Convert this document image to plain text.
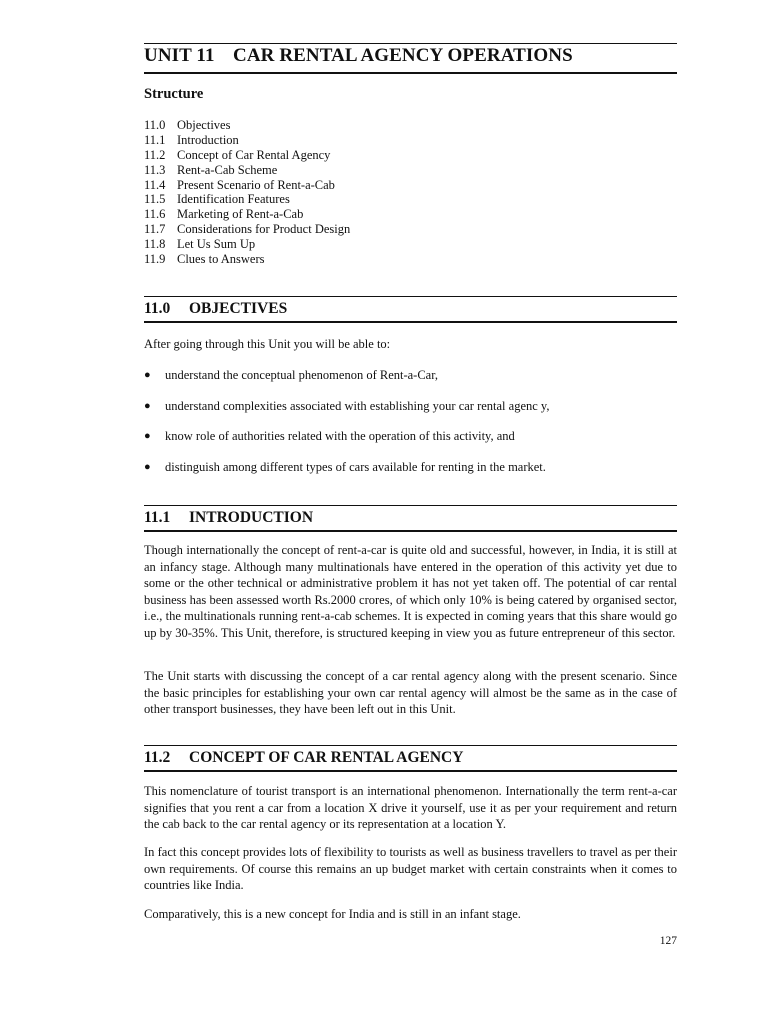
UNIT 11 CAR RENTAL AGENCY OPERATIONS
Structure
11.0 Objectives
11.1 Introduction
11.2 Concept of Car Rental Agency
11.3 Rent-a-Cab Scheme
11.4 Present Scenario of Rent-a-Cab
11.5 Identification Features
11.6 Marketing of Rent-a-Cab
11.7 Considerations for Product Design
11.8 Let Us Sum Up
11.9 Clues to Answers
11.0 OBJECTIVES

After going through this Unit you will be able to:

● understand the conceptual phenomenon of Rent-a-Car,
● understand complexities associated with establishing your car rental agenc y,
● know role of authorities related with the operation of this activity, and
● distinguish among different types of cars available for renting in the market.
11.1 INTRODUCTION

Though internationally the concept of rent-a-car is quite old and successful, however, in India, it is still at an infancy stage. Although many multinationals have entered in the operation of this activity yet due to some or the other technical or administrative problem it has not yet taken off. The potential of car rental business has been assessed worth Rs.2000 crores, of which only 10% is being catered by organised sector, i.e., the multinationals running rent-a-cab schemes. It is expected in coming years that this share would go up by 30-35%. This Unit, therefore, is structured keeping in view you as future entrepreneur of this sector.

The Unit starts with discussing the concept of a car rental agency along with the present scenario. Since the basic principles for establishing your own car rental agency will almost be the same as in the case of other transport businesses, they have been left out in this Unit.

11.2 CONCEPT OF CAR RENTAL AGENCY

This nomenclature of tourist transport is an international phenomenon. Internationally the term rent-a-car signifies that you rent a car from a location X drive it yourself, use it as per your requirement and return the cab back to the car rental agency or its representation at a location Y.

In fact this concept provides lots of flexibility to tourists as well as business travellers to travel as per their own requirements. Of course this remains an up budget market with certain constraints when it comes to countries like India.

Comparatively, this is a new concept for India and is still in an infant stage.

127
